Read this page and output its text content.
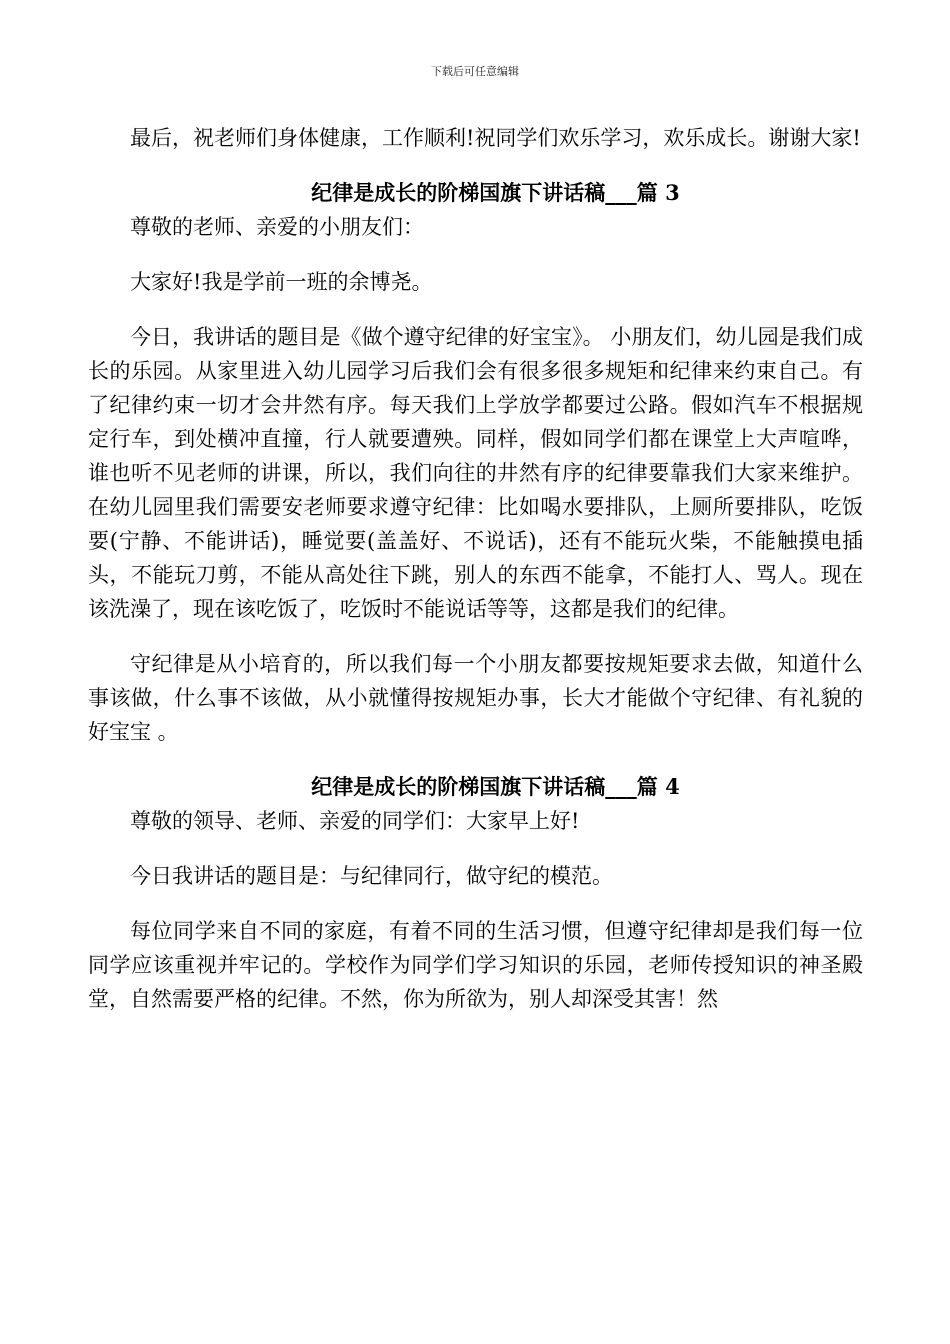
下载后可任意编辑

最后，祝老师们身体健康，工作顺利!祝同学们欢乐学习，欢乐成长。谢谢大家!

纪律是成长的阶梯国旗下讲话稿___篇 3

尊敬的老师、亲爱的小朋友们：

大家好!我是学前一班的余博尧。

今日，我讲话的题目是《做个遵守纪律的好宝宝》。 小朋友们，幼儿园是我们成长的乐园。从家里进入幼儿园学习后我们会有很多很多规矩和纪律来约束自己。有了纪律约束一切才会井然有序。每天我们上学放学都要过公路。假如汽车不根据规定行车，到处横冲直撞，行人就要遭殃。同样，假如同学们都在课堂上大声喧哗，谁也听不见老师的讲课，所以，我们向往的井然有序的纪律要靠我们大家来维护。在幼儿园里我们需要安老师要求遵守纪律：比如喝水要排队，上厕所要排队，吃饭要(宁静、不能讲话)，睡觉要(盖盖好、不说话)，还有不能玩火柴，不能触摸电插头，不能玩刀剪，不能从高处往下跳，别人的东西不能拿，不能打人、骂人。现在该洗澡了，现在该吃饭了，吃饭时不能说话等等，这都是我们的纪律。

守纪律是从小培育的，所以我们每一个小朋友都要按规矩要求去做，知道什么事该做，什么事不该做，从小就懂得按规矩办事，长大才能做个守纪律、有礼貌的好宝宝 。

纪律是成长的阶梯国旗下讲话稿___篇 4

尊敬的领导、老师、亲爱的同学们：大家早上好!

今日我讲话的题目是：与纪律同行，做守纪的模范。

每位同学来自不同的家庭，有着不同的生活习惯，但遵守纪律却是我们每一位同学应该重视并牢记的。学校作为同学们学习知识的乐园，老师传授知识的神圣殿堂，自然需要严格的纪律。不然，你为所欲为，别人却深受其害！然
